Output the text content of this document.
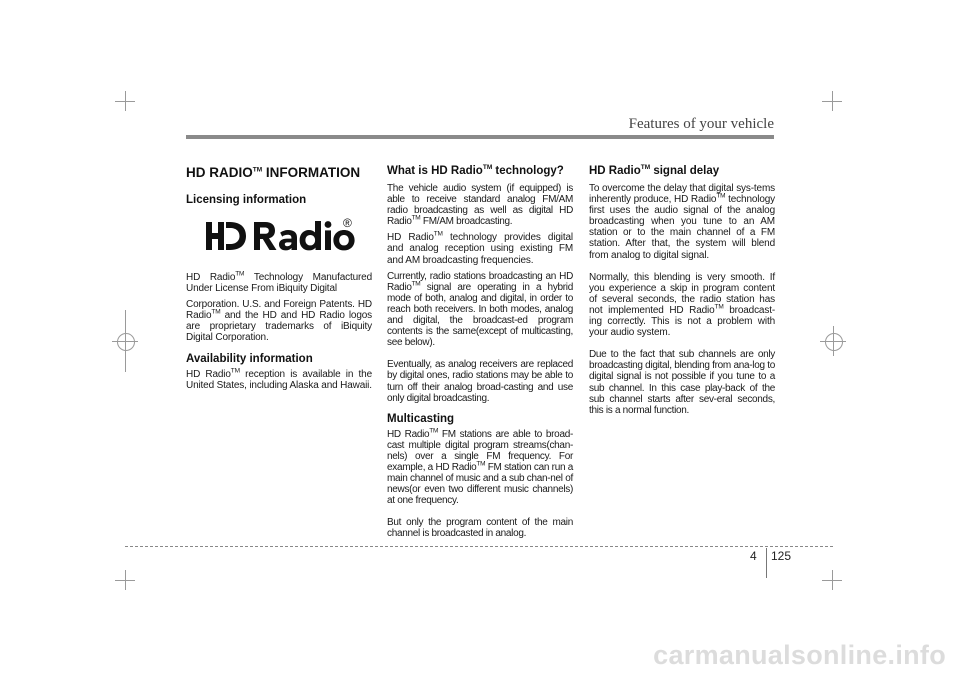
Features of your vehicle
HD RADIO™ INFORMATION
Licensing information
®
HD Radio™ Technology Manufactured Under License From iBiquity Digital
Corporation. U.S. and Foreign Patents. HD Radio™ and the HD and HD Radio logos are proprietary trademarks of iBiquity Digital Corporation.
Availability information
HD Radio™ reception is available in the United States, including Alaska and Hawaii.
What is HD Radio™ technology?
The vehicle audio system (if equipped) is able to receive standard analog FM/AM radio broadcasting as well as digital HD Radio™ FM/AM broadcasting.
HD Radio™ technology provides digital and analog reception using existing FM and AM broadcasting frequencies.
Currently, radio stations broadcasting an HD Radio™ signal are operating in a hybrid mode of both, analog and digital, in order to reach both receivers. In both modes, analog and digital, the broadcast-ed program contents is the same(except of multicasting, see below).
Eventually, as analog receivers are replaced by digital ones, radio stations may be able to turn off their analog broad-casting and use only digital broadcasting.
Multicasting
HD Radio™ FM stations are able to broad-cast multiple digital program streams(chan-nels) over a single FM frequency. For example, a HD Radio™ FM station can run a main channel of music and a sub chan-nel of news(or even two different music channels) at one frequency.
But only the program content of the main channel is broadcasted in analog.
HD Radio™ signal delay
To overcome the delay that digital sys-tems inherently produce, HD Radio™ technology first uses the audio signal of the analog broadcasting when you tune to an AM station or to the main channel of a FM station. After that, the system will blend from analog to digital signal.
Normally, this blending is very smooth. If you experience a skip in program content of several seconds, the radio station has not implemented HD Radio™ broadcast-ing correctly. This is not a problem with your audio system.
Due to the fact that sub channels are only broadcasting digital, blending from ana-log to digital signal is not possible if you tune to a sub channel. In this case play-back of the sub channel starts after sev-eral seconds, this is a normal function.
4 125
carmanualsonline.info
